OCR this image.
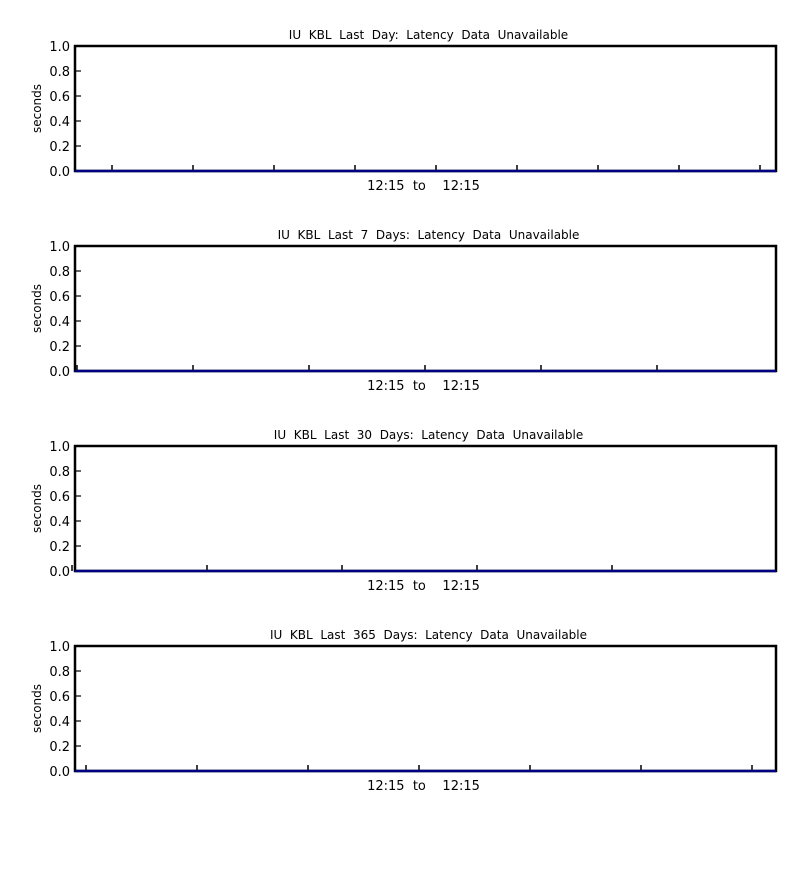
IU  KBL  Last  Day:  Latency  Data  Unavailable
seconds
0.0
0.2
0.4
0.6
0.8
1.0
12:15  to    12:15
IU  KBL  Last  7  Days:  Latency  Data  Unavailable
seconds
0.0
0.2
0.4
0.6
0.8
1.0
12:15  to    12:15
IU  KBL  Last  30  Days:  Latency  Data  Unavailable
seconds
0.0
0.2
0.4
0.6
0.8
1.0
12:15  to    12:15
IU  KBL  Last  365  Days:  Latency  Data  Unavailable
seconds
0.0
0.2
0.4
0.6
0.8
1.0
12:15  to    12:15
